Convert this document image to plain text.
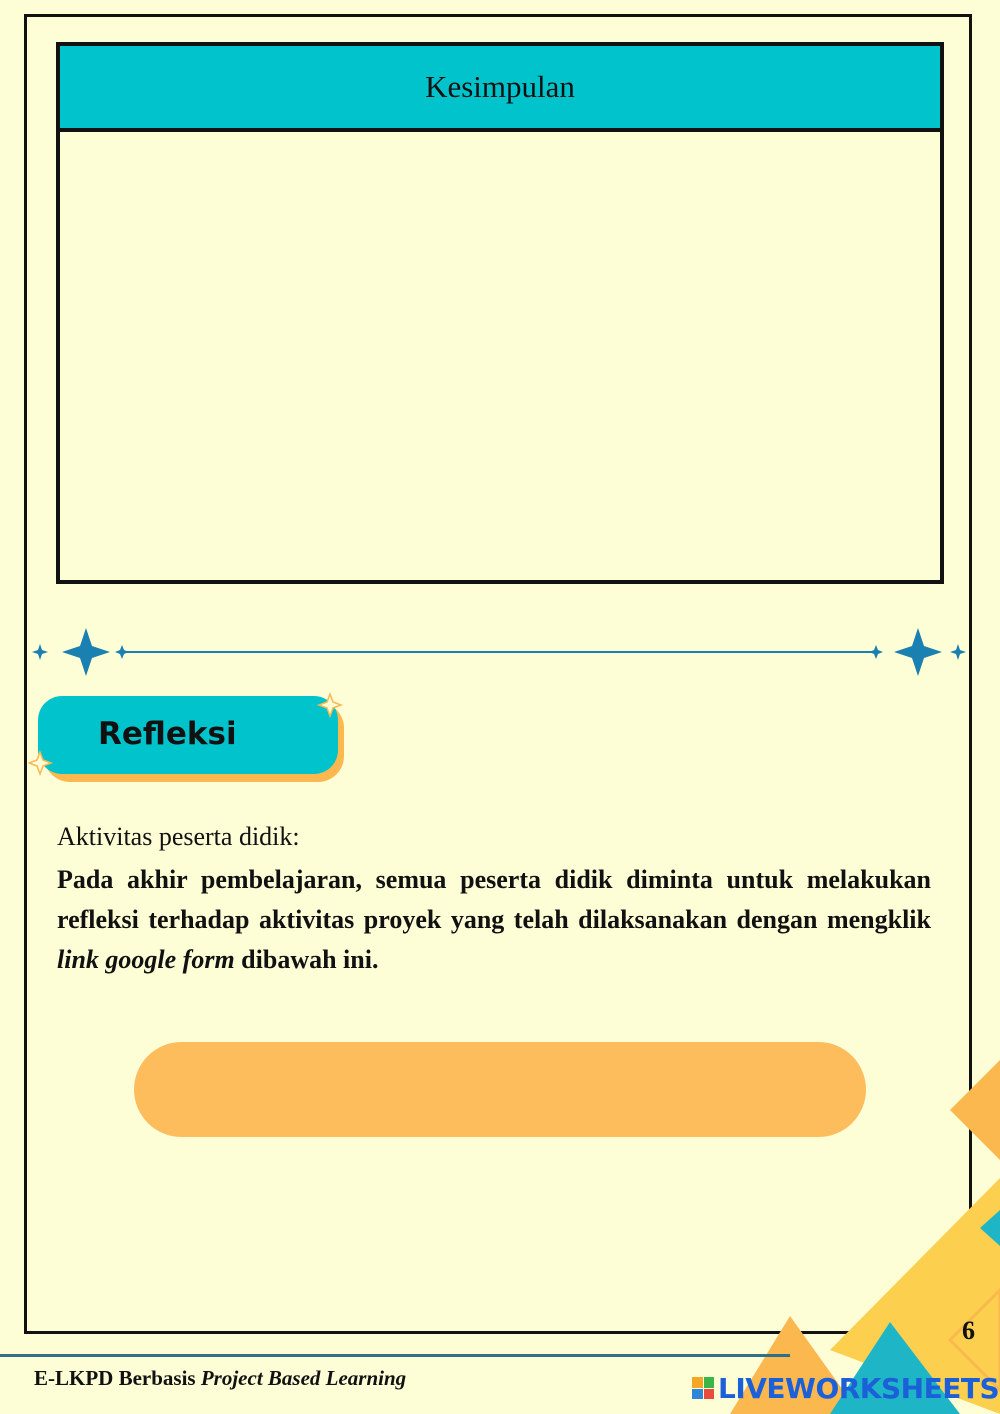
Kesimpulan
Refleksi
Aktivitas peserta didik:
Pada akhir pembelajaran, semua peserta didik diminta untuk melakukan refleksi terhadap aktivitas proyek yang telah dilaksanakan dengan mengklik link google form dibawah ini.
6
E-LKPD Berbasis Project Based Learning	LIVEWORKSHEETS
